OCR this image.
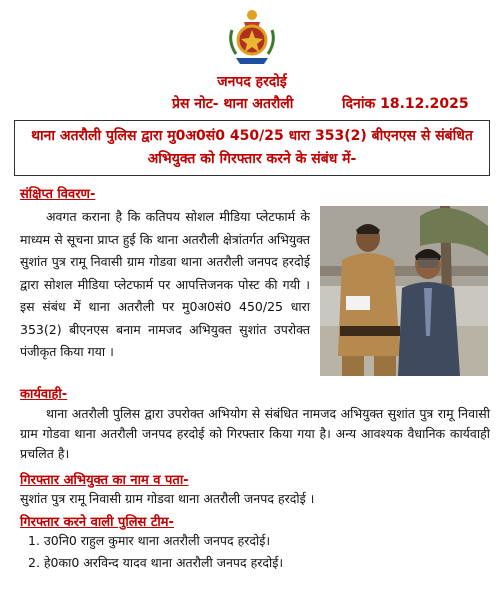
जनपद हरदोई
प्रेस नोट- थाना अतरौली	दिनांक 18.12.2025
थाना अतरौली पुलिस द्वारा मु0अ0सं0 450/25 धारा 353(2) बीएनएस से संबंधित अभियुक्त को गिरफ्तार करने के संबंध में-
संक्षिप्त विवरण-
अवगत कराना है कि कतिपय सोशल मीडिया प्लेटफार्म के माध्यम से सूचना प्राप्त हुई कि थाना अतरौली क्षेत्रांतर्गत अभियुक्त सुशांत पुत्र रामू निवासी ग्राम गोडवा थाना अतरौली जनपद हरदोई द्वारा सोशल मीडिया प्लेटफार्म पर आपत्तिजनक पोस्ट की गयी । इस संबंध में थाना अतरौली पर मु0अ0सं0 450/25 धारा 353(2) बीएनएस बनाम नामजद अभियुक्त सुशांत उपरोक्त पंजीकृत किया गया ।
कार्यवाही-
थाना अतरौली पुलिस द्वारा उपरोक्त अभियोग से संबंधित नामजद अभियुक्त सुशांत पुत्र रामू निवासी ग्राम गोडवा थाना अतरौली जनपद हरदोई को गिरफ्तार किया गया है। अन्य आवश्यक वैधानिक कार्यवाही प्रचलित है।
गिरफ्तार अभियुक्त का नाम व पता-
सुशांत पुत्र रामू निवासी ग्राम गोडवा थाना अतरौली जनपद हरदोई ।
गिरफ्तार करने वाली पुलिस टीम-
1. उ0नि0 राहुल कुमार थाना अतरौली जनपद हरदोई।
2. हे0का0 अरविन्द यादव थाना अतरौली जनपद हरदोई।
